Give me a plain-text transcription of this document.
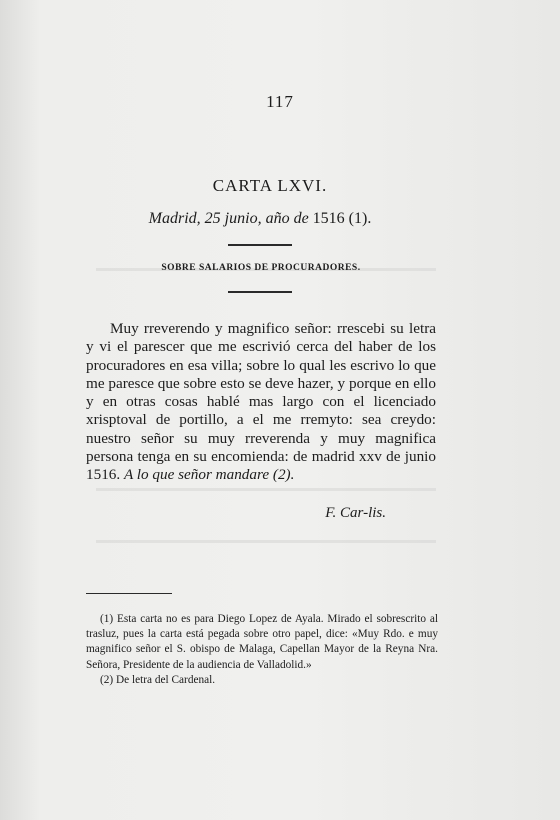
117
CARTA LXVI.
Madrid, 25 junio, año de 1516 (1).
SOBRE SALARIOS DE PROCURADORES.

Muy rreverendo y magnifico señor: rrescebi su letra y vi el parescer que me escrivió cerca del haber de los procuradores en esa villa; sobre lo qual les escrivo lo que me paresce que sobre esto se deve hazer, y porque en ello y en otras cosas hablé mas largo con el licenciado xrisptoval de portillo, a el me rremyto: sea creydo: nuestro señor su muy rreverenda y muy magnifica persona tenga en su encomienda: de madrid xxv de junio 1516. A lo que señor mandare (2).

F. Car-lis.

(1) Esta carta no es para Diego Lopez de Ayala. Mirado el sobrescrito al trasluz, pues la carta está pegada sobre otro papel, dice: «Muy Rdo. e muy magnifico señor el S. obispo de Malaga, Capellan Mayor de la Reyna Nra. Señora, Presidente de la audiencia de Valladolid.»

(2) De letra del Cardenal.
